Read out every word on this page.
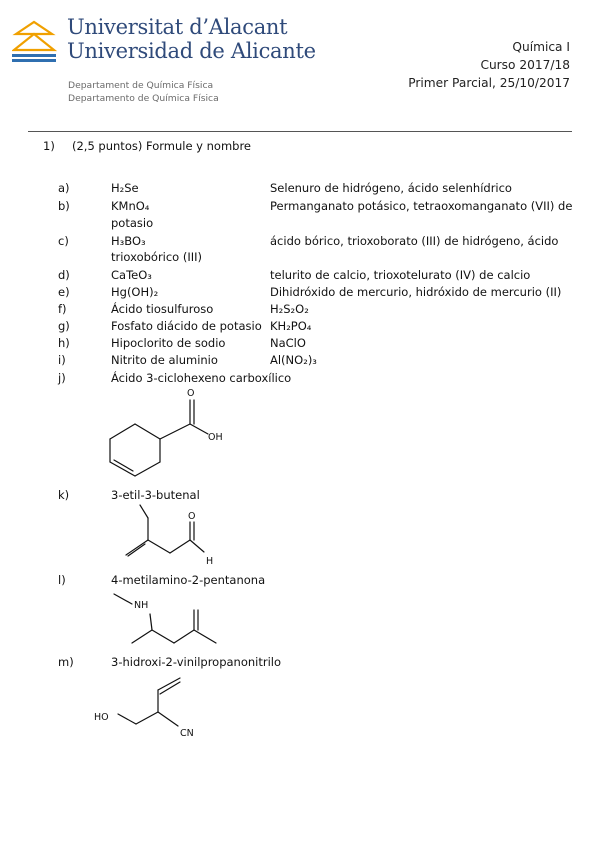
Universitat d’Alacant
Universidad de Alicante
Departament de Química Física
Departamento de Química Física
Química I
Curso 2017/18
Primer Parcial, 25/10/2017
1) (2,5 puntos) Formule y nombre
a)	H₂Se	Selenuro de hidrógeno, ácido selenhídrico
b)	KMnO₄	Permanganato potásico, tetraoxomanganato (VII) de
potasio
c)	H₃BO₃	ácido bórico, trioxoborato (III) de hidrógeno, ácido
trioxobórico (III)
d)	CaTeO₃	telurito de calcio, trioxotelurato (IV) de calcio
e)	Hg(OH)₂	Dihidróxido de mercurio, hidróxido de mercurio (II)
f)	Ácido tiosulfuroso	H₂S₂O₂
g)	Fosfato diácido de potasio KH₂PO₄
h)	Hipoclorito de sodio	NaClO
i)	Nitrito de aluminio	Al(NO₂)₃
j)	Ácido 3-ciclohexeno carboxílico
O
OH
k)	3-etil-3-butenal
O
H
l)	4-metilamino-2-pentanona
NH
m)	3-hidroxi-2-vinilpropanonitrilo
HO
CN
